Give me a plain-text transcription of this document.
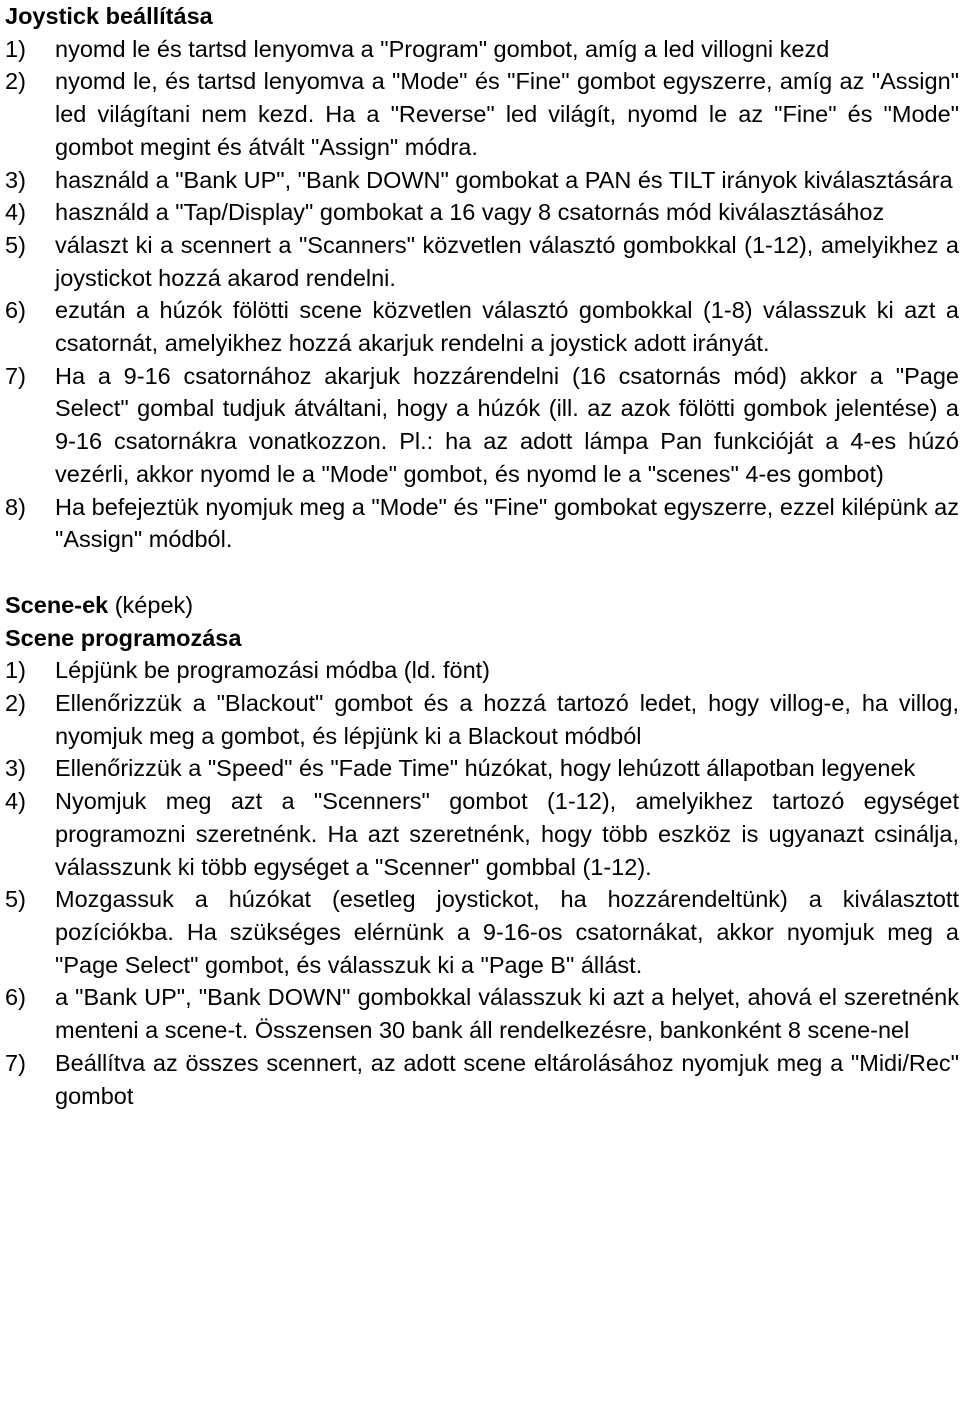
Joystick beállítása
1) nyomd le és tartsd lenyomva a "Program" gombot, amíg a led villogni kezd
2) nyomd le, és tartsd lenyomva a "Mode" és "Fine" gombot egyszerre, amíg az "Assign" led világítani nem kezd. Ha a "Reverse" led világít, nyomd le az "Fine" és "Mode" gombot megint és átvált "Assign" módra.
3) használd a "Bank UP", "Bank DOWN" gombokat a PAN és TILT irányok kiválasztására
4) használd a "Tap/Display" gombokat a 16 vagy 8 csatornás mód kiválasztásához
5) választ ki a scennert a "Scanners" közvetlen választó gombokkal (1-12), amelyikhez a joystickot hozzá akarod rendelni.
6) ezután a húzók fölötti scene közvetlen választó gombokkal (1-8) válasszuk ki azt a csatornát, amelyikhez hozzá akarjuk rendelni a joystick adott irányát.
7) Ha a 9-16 csatornához akarjuk hozzárendelni (16 csatornás mód) akkor a "Page Select" gombal tudjuk átváltani, hogy a húzók (ill. az azok fölötti gombok jelentése) a 9-16 csatornákra vonatkozzon. Pl.: ha az adott lámpa Pan funkcióját a 4-es húzó vezérli, akkor nyomd le a "Mode" gombot, és nyomd le a "scenes" 4-es gombot)
8) Ha befejeztük nyomjuk meg a "Mode" és "Fine" gombokat egyszerre, ezzel kilépünk az "Assign" módból.
Scene-ek (képek)
Scene programozása
1) Lépjünk be programozási módba (ld. fönt)
2) Ellenőrizzük a "Blackout" gombot és a hozzá tartozó ledet, hogy villog-e, ha villog, nyomjuk meg a gombot, és lépjünk ki a Blackout módból
3) Ellenőrizzük a "Speed" és "Fade Time" húzókat, hogy lehúzott állapotban legyenek
4) Nyomjuk meg azt a "Scenners" gombot (1-12), amelyikhez tartozó egységet programozni szeretnénk. Ha azt szeretnénk, hogy több eszköz is ugyanazt csinálja, válasszunk ki több egységet a "Scenner" gombbal (1-12).
5) Mozgassuk a húzókat (esetleg joystickot, ha hozzárendeltünk) a kiválasztott pozíciókba. Ha szükséges elérnünk a 9-16-os csatornákat, akkor nyomjuk meg a "Page Select" gombot, és válasszuk ki a "Page B" állást.
6) a "Bank UP", "Bank DOWN" gombokkal válasszuk ki azt a helyet, ahová el szeretnénk menteni a scene-t. Összensen 30 bank áll rendelkezésre, bankonként 8 scene-nel
7) Beállítva az összes scennert, az adott scene eltárolásához nyomjuk meg a "Midi/Rec" gombot
